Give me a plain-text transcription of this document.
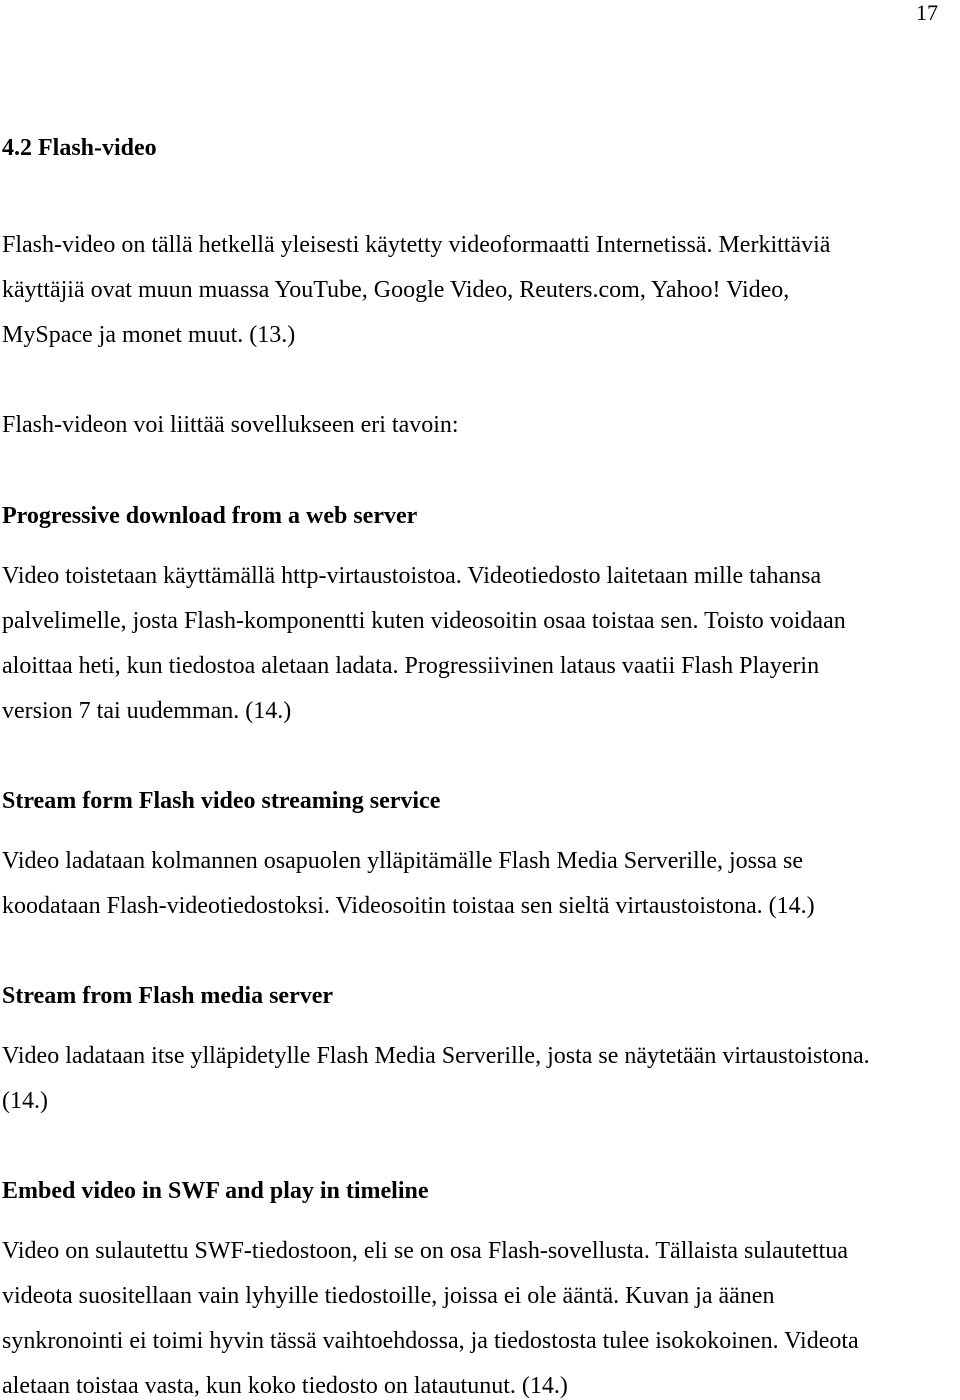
17
4.2 Flash-video
Flash-video on tällä hetkellä yleisesti käytetty videoformaatti Internetissä. Merkittäviä
käyttäjiä ovat muun muassa YouTube, Google Video, Reuters.com, Yahoo! Video,
MySpace ja monet muut. (13.)
Flash-videon voi liittää sovellukseen eri tavoin:
Progressive download from a web server
Video toistetaan käyttämällä http-virtaustoistoa. Videotiedosto laitetaan mille tahansa
palvelimelle, josta Flash-komponentti kuten videosoitin osaa toistaa sen. Toisto voidaan
aloittaa heti, kun tiedostoa aletaan ladata. Progressiivinen lataus vaatii Flash Playerin
version 7 tai uudemman. (14.)
Stream form Flash video streaming service
Video ladataan kolmannen osapuolen ylläpitämälle Flash Media Serverille, jossa se
koodataan Flash-videotiedostoksi. Videosoitin toistaa sen sieltä virtaustoistona. (14.)
Stream from Flash media server
Video ladataan itse ylläpidetylle Flash Media Serverille, josta se näytetään virtaustoistona.
(14.)
Embed video in SWF and play in timeline
Video on sulautettu SWF-tiedostoon, eli se on osa Flash-sovellusta. Tällaista sulautettua
videota suositellaan vain lyhyille tiedostoille, joissa ei ole ääntä. Kuvan ja äänen
synkronointi ei toimi hyvin tässä vaihtoehdossa, ja tiedostosta tulee isokokoinen. Videota
aletaan toistaa vasta, kun koko tiedosto on latautunut. (14.)
